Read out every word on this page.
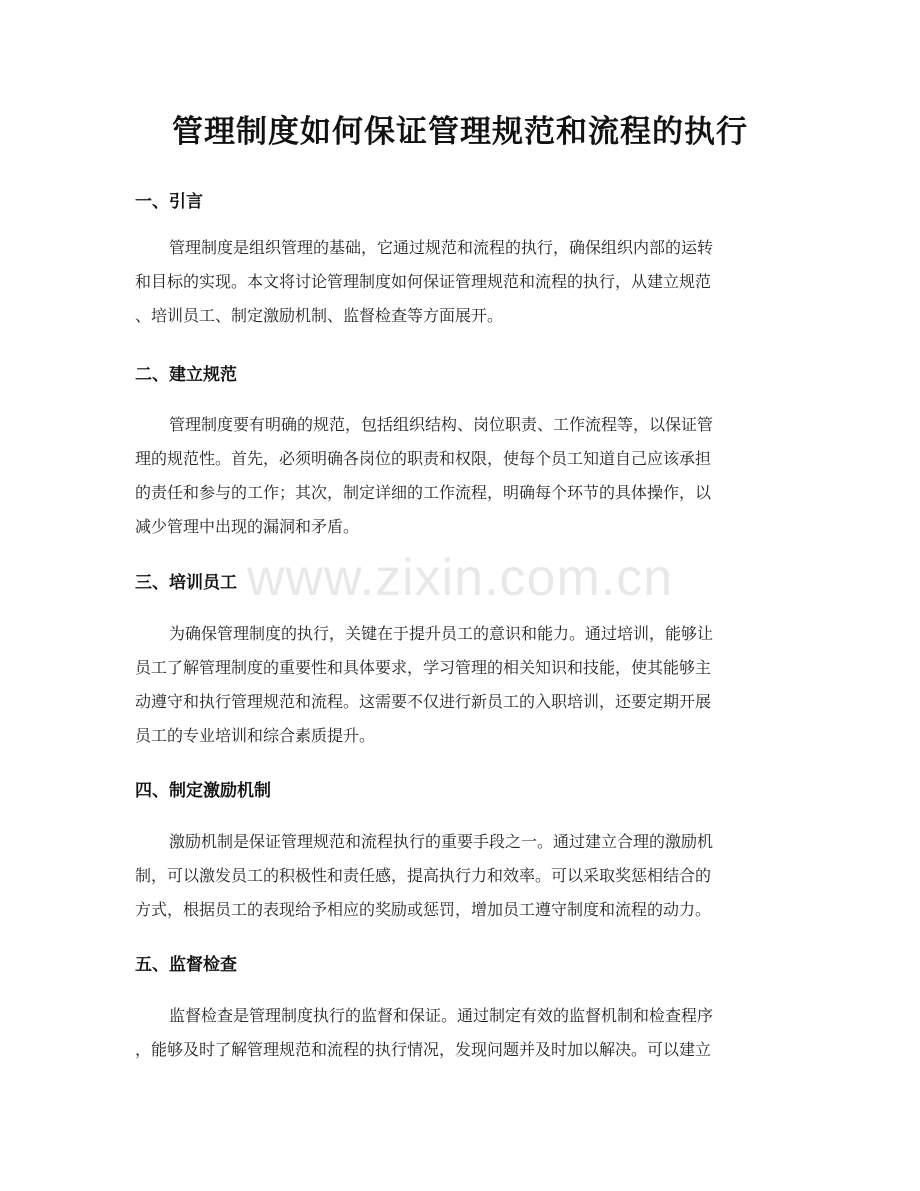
管理制度如何保证管理规范和流程的执行
一、引言
管理制度是组织管理的基础，它通过规范和流程的执行，确保组织内部的运转
和目标的实现。本文将讨论管理制度如何保证管理规范和流程的执行，从建立规范
、培训员工、制定激励机制、监督检查等方面展开。
二、建立规范
管理制度要有明确的规范，包括组织结构、岗位职责、工作流程等，以保证管
理的规范性。首先，必须明确各岗位的职责和权限，使每个员工知道自己应该承担
的责任和参与的工作；其次，制定详细的工作流程，明确每个环节的具体操作，以
减少管理中出现的漏洞和矛盾。
三、培训员工
为确保管理制度的执行，关键在于提升员工的意识和能力。通过培训，能够让
员工了解管理制度的重要性和具体要求，学习管理的相关知识和技能，使其能够主
动遵守和执行管理规范和流程。这需要不仅进行新员工的入职培训，还要定期开展
员工的专业培训和综合素质提升。
四、制定激励机制
激励机制是保证管理规范和流程执行的重要手段之一。通过建立合理的激励机
制，可以激发员工的积极性和责任感，提高执行力和效率。可以采取奖惩相结合的
方式，根据员工的表现给予相应的奖励或惩罚，增加员工遵守制度和流程的动力。
五、监督检查
监督检查是管理制度执行的监督和保证。通过制定有效的监督机制和检查程序
，能够及时了解管理规范和流程的执行情况，发现问题并及时加以解决。可以建立
www.zixin.com.cn
